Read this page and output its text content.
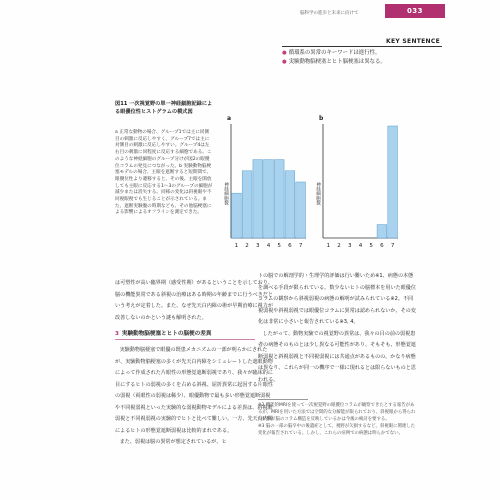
脳科学の進歩と未来に向けて	033
KEY SENTENCE
● 循環系の異常のキーワードは進行性。
● 実験動物脳梗塞とヒト脳梗塞は異なる。
図11 一次視覚野の単一神経細胞記録による眼優位性ヒストグラムの模式図
a 正常な動物の場合、グループ1では主に同側目の刺激に反応しやすく、グループ7では主に対側目の刺激に反応しやすい。グループ4は左右目の刺激に同程度に反応する細胞である。このような神経細胞のグループ分けが図2の眼優位コラムの発見につながった。b 実験動物脳梗塞モデルの場合、主眼を遮断すると短期間で、眼優位性より遷移すると、その後、主眼を開放しても主眼に反応する1〜3のグループの細胞が減少または消失する。同様の変化は斜視眼や不同視眼視でも生じることが示されている。また、遮断実験腹の時期なども、その他脳梗塞による影響によるオフラインを測定できた。
a
神経細胞数
1 2 3 4 5 6 7
b
神経細胞数
1 2 3 4 5 6 7

は可塑性が高い臨界期（感受性期）があるということを示しており、脳の機能異常である斜視の治療はある時期の年齢までに行うべきだという考えが定着した。また、なぜ先天白内障の術が早期治療に視力が改善しないのかという謎も解明された。

3 実験動物脳梗塞とヒトの脳梗の差異

実験動物脳梗塞で眼優の既患メカニズムの一部が明らかにされたが、実験動物脳梗塞の多くが先天白内障をシミュレートした遮眼動物によって作成された片眼性の形態覚遮断弱視であり、我々が臨床的に目にするヒトの弱視の多くを占める斜視、屈折異常に起因する片眼性の弱視（両眼性の弱視は稀少）、眼優動物で最も多い形態覚遮断弱視や不同視弱視といった実験的な弱視動物モデルによる差異は、斜視眼弱視と不同視弱視の実験的でヒトと比べて難しい。一方、先天白内障によるヒトの形態覚遮断弱視は比較的まれである。

また、弱視は脳の異常が想定されているが、ヒ

トの脳での解剖学的・生理学的評価は行い難いため※1、病態の本態を調べる手段が限られている。数少ないヒトの脳標本を用いた眼優位コラムの観察から斜視弱視の病態の解明が試みられている※2。不同視弱視や斜視弱視では眼優位コラムに異常は認められないか、その変化は非常に小さいと報告されている※3, 4。

したがって、動物実験での視覚野の異常は、我々の目の前の弱視患者の病態そのものとは少し異なる可能性があり、そもそも、形態覚遮断弱視と斜視弱視と不同視弱視には共通点があるものの、かなり病態は異なり、これらが同一の機序で一様に現れるとは限らないものと思われる。

※2 機能的MRIを使って一次視覚野の眼優位コラムが観察できたとする報告があるが、MRIを用いた方法では空間的な分解能が限られており、斜視眼から得られた結果が脳のコラム構造を反映しているかは今後の検討を要する。

※3 脳の一部の脳卒中の後遺症として、視野が欠損するなど、斜視眼に関連した変化が報告されている。しかし、これらの症例での病態は明らかでない。
